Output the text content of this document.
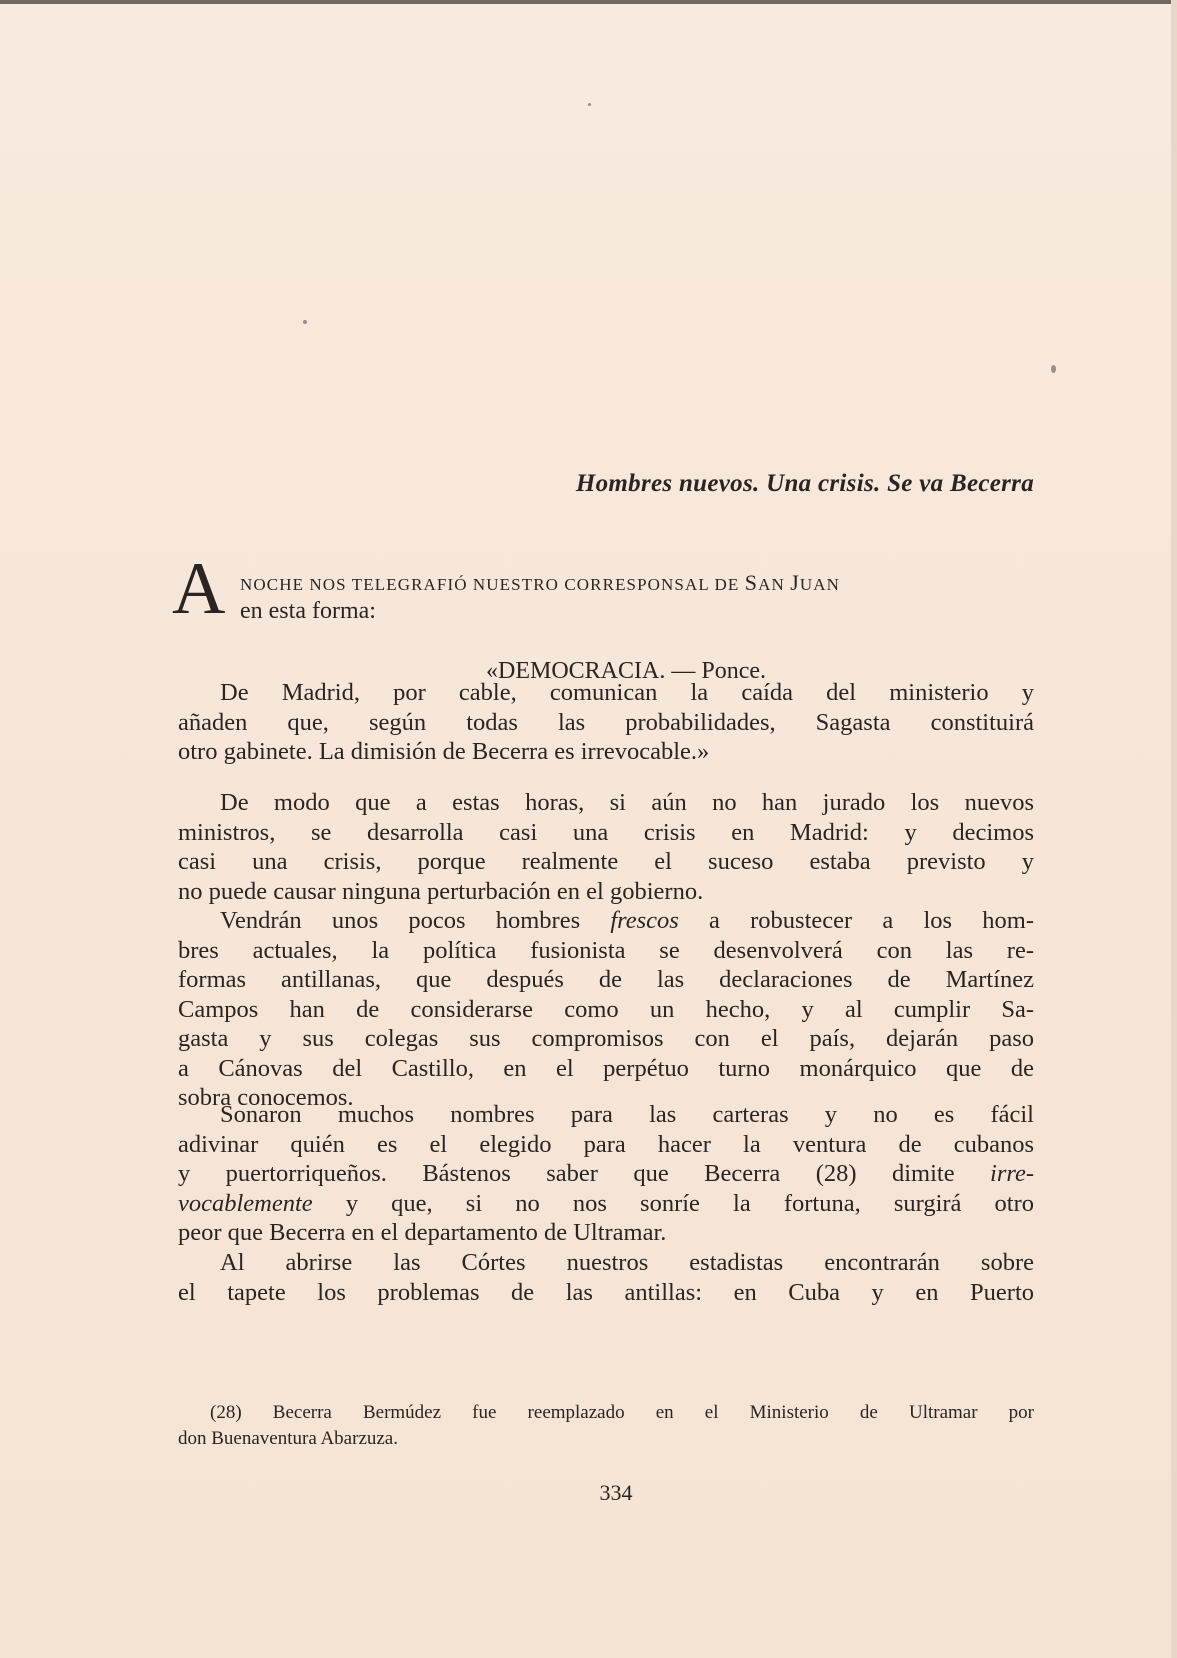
Hombres nuevos. Una crisis. Se va Becerra
A NOCHE NOS TELEGRAFIÓ NUESTRO CORRESPONSAL DE SAN JUAN
en esta forma:
«DEMOCRACIA. — Ponce.
De Madrid, por cable, comunican la caída del ministerio y
añaden que, según todas las probabilidades, Sagasta constituirá
otro gabinete. La dimisión de Becerra es irrevocable.»
De modo que a estas horas, si aún no han jurado los nuevos
ministros, se desarrolla casi una crisis en Madrid: y decimos
casi una crisis, porque realmente el suceso estaba previsto y
no puede causar ninguna perturbación en el gobierno.
Vendrán unos pocos hombres frescos a robustecer a los hom-
bres actuales, la política fusionista se desenvolverá con las re-
formas antillanas, que después de las declaraciones de Martínez
Campos han de considerarse como un hecho, y al cumplir Sa-
gasta y sus colegas sus compromisos con el país, dejarán paso
a Cánovas del Castillo, en el perpétuo turno monárquico que de
sobra conocemos.
Sonaron muchos nombres para las carteras y no es fácil
adivinar quién es el elegido para hacer la ventura de cubanos
y puertorriqueños. Bástenos saber que Becerra (28) dimite irre-
vocablemente y que, si no nos sonríe la fortuna, surgirá otro
peor que Becerra en el departamento de Ultramar.
Al abrirse las Córtes nuestros estadistas encontrarán sobre
el tapete los problemas de las antillas: en Cuba y en Puerto
(28) Becerra Bermúdez fue reemplazado en el Ministerio de Ultramar por
don Buenaventura Abarzuza.
334
